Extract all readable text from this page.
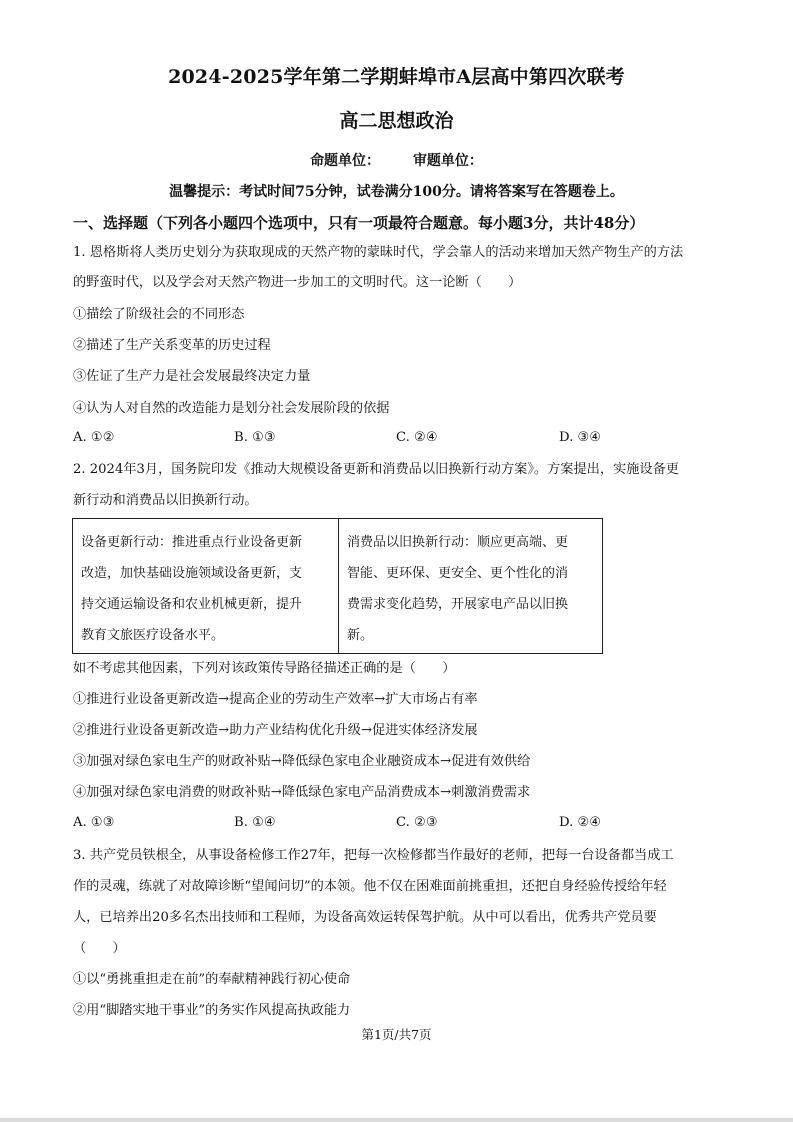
2024-2025学年第二学期蚌埠市A层高中第四次联考
高二思想政治
命题单位： 审题单位：
温馨提示：考试时间75分钟，试卷满分100分。请将答案写在答题卷上。
一、选择题（下列各小题四个选项中，只有一项最符合题意。每小题3分，共计48分）
1. 恩格斯将人类历史划分为获取现成的天然产物的蒙昧时代，学会靠人的活动来增加天然产物生产的方法
的野蛮时代，以及学会对天然产物进一步加工的文明时代。这一论断（　　）
①描绘了阶级社会的不同形态
②描述了生产关系变革的历史过程
③佐证了生产力是社会发展最终决定力量
④认为人对自然的改造能力是划分社会发展阶段的依据
A. ①②	B. ①③	C. ②④	D. ③④
2. 2024年3月，国务院印发《推动大规模设备更新和消费品以旧换新行动方案》。方案提出，实施设备更
新行动和消费品以旧换新行动。
设备更新行动：推进重点行业设备更新
改造，加快基础设施领域设备更新，支
持交通运输设备和农业机械更新，提升
教育文旅医疗设备水平。
消费品以旧换新行动：顺应更高端、更
智能、更环保、更安全、更个性化的消
费需求变化趋势，开展家电产品以旧换
新。
如不考虑其他因素，下列对该政策传导路径描述正确的是（　　）
①推进行业设备更新改造→提高企业的劳动生产效率→扩大市场占有率
②推进行业设备更新改造→助力产业结构优化升级→促进实体经济发展
③加强对绿色家电生产的财政补贴→降低绿色家电企业融资成本→促进有效供给
④加强对绿色家电消费的财政补贴→降低绿色家电产品消费成本→刺激消费需求
A. ①③	B. ①④	C. ②③	D. ②④
3. 共产党员铁根全，从事设备检修工作27年，把每一次检修都当作最好的老师，把每一台设备都当成工
作的灵魂，练就了对故障诊断“望闻问切”的本领。他不仅在困难面前挑重担，还把自身经验传授给年轻
人，已培养出20多名杰出技师和工程师，为设备高效运转保驾护航。从中可以看出，优秀共产党员要
（　　）
①以“勇挑重担走在前”的奉献精神践行初心使命
②用“脚踏实地干事业”的务实作风提高执政能力
第1页/共7页
